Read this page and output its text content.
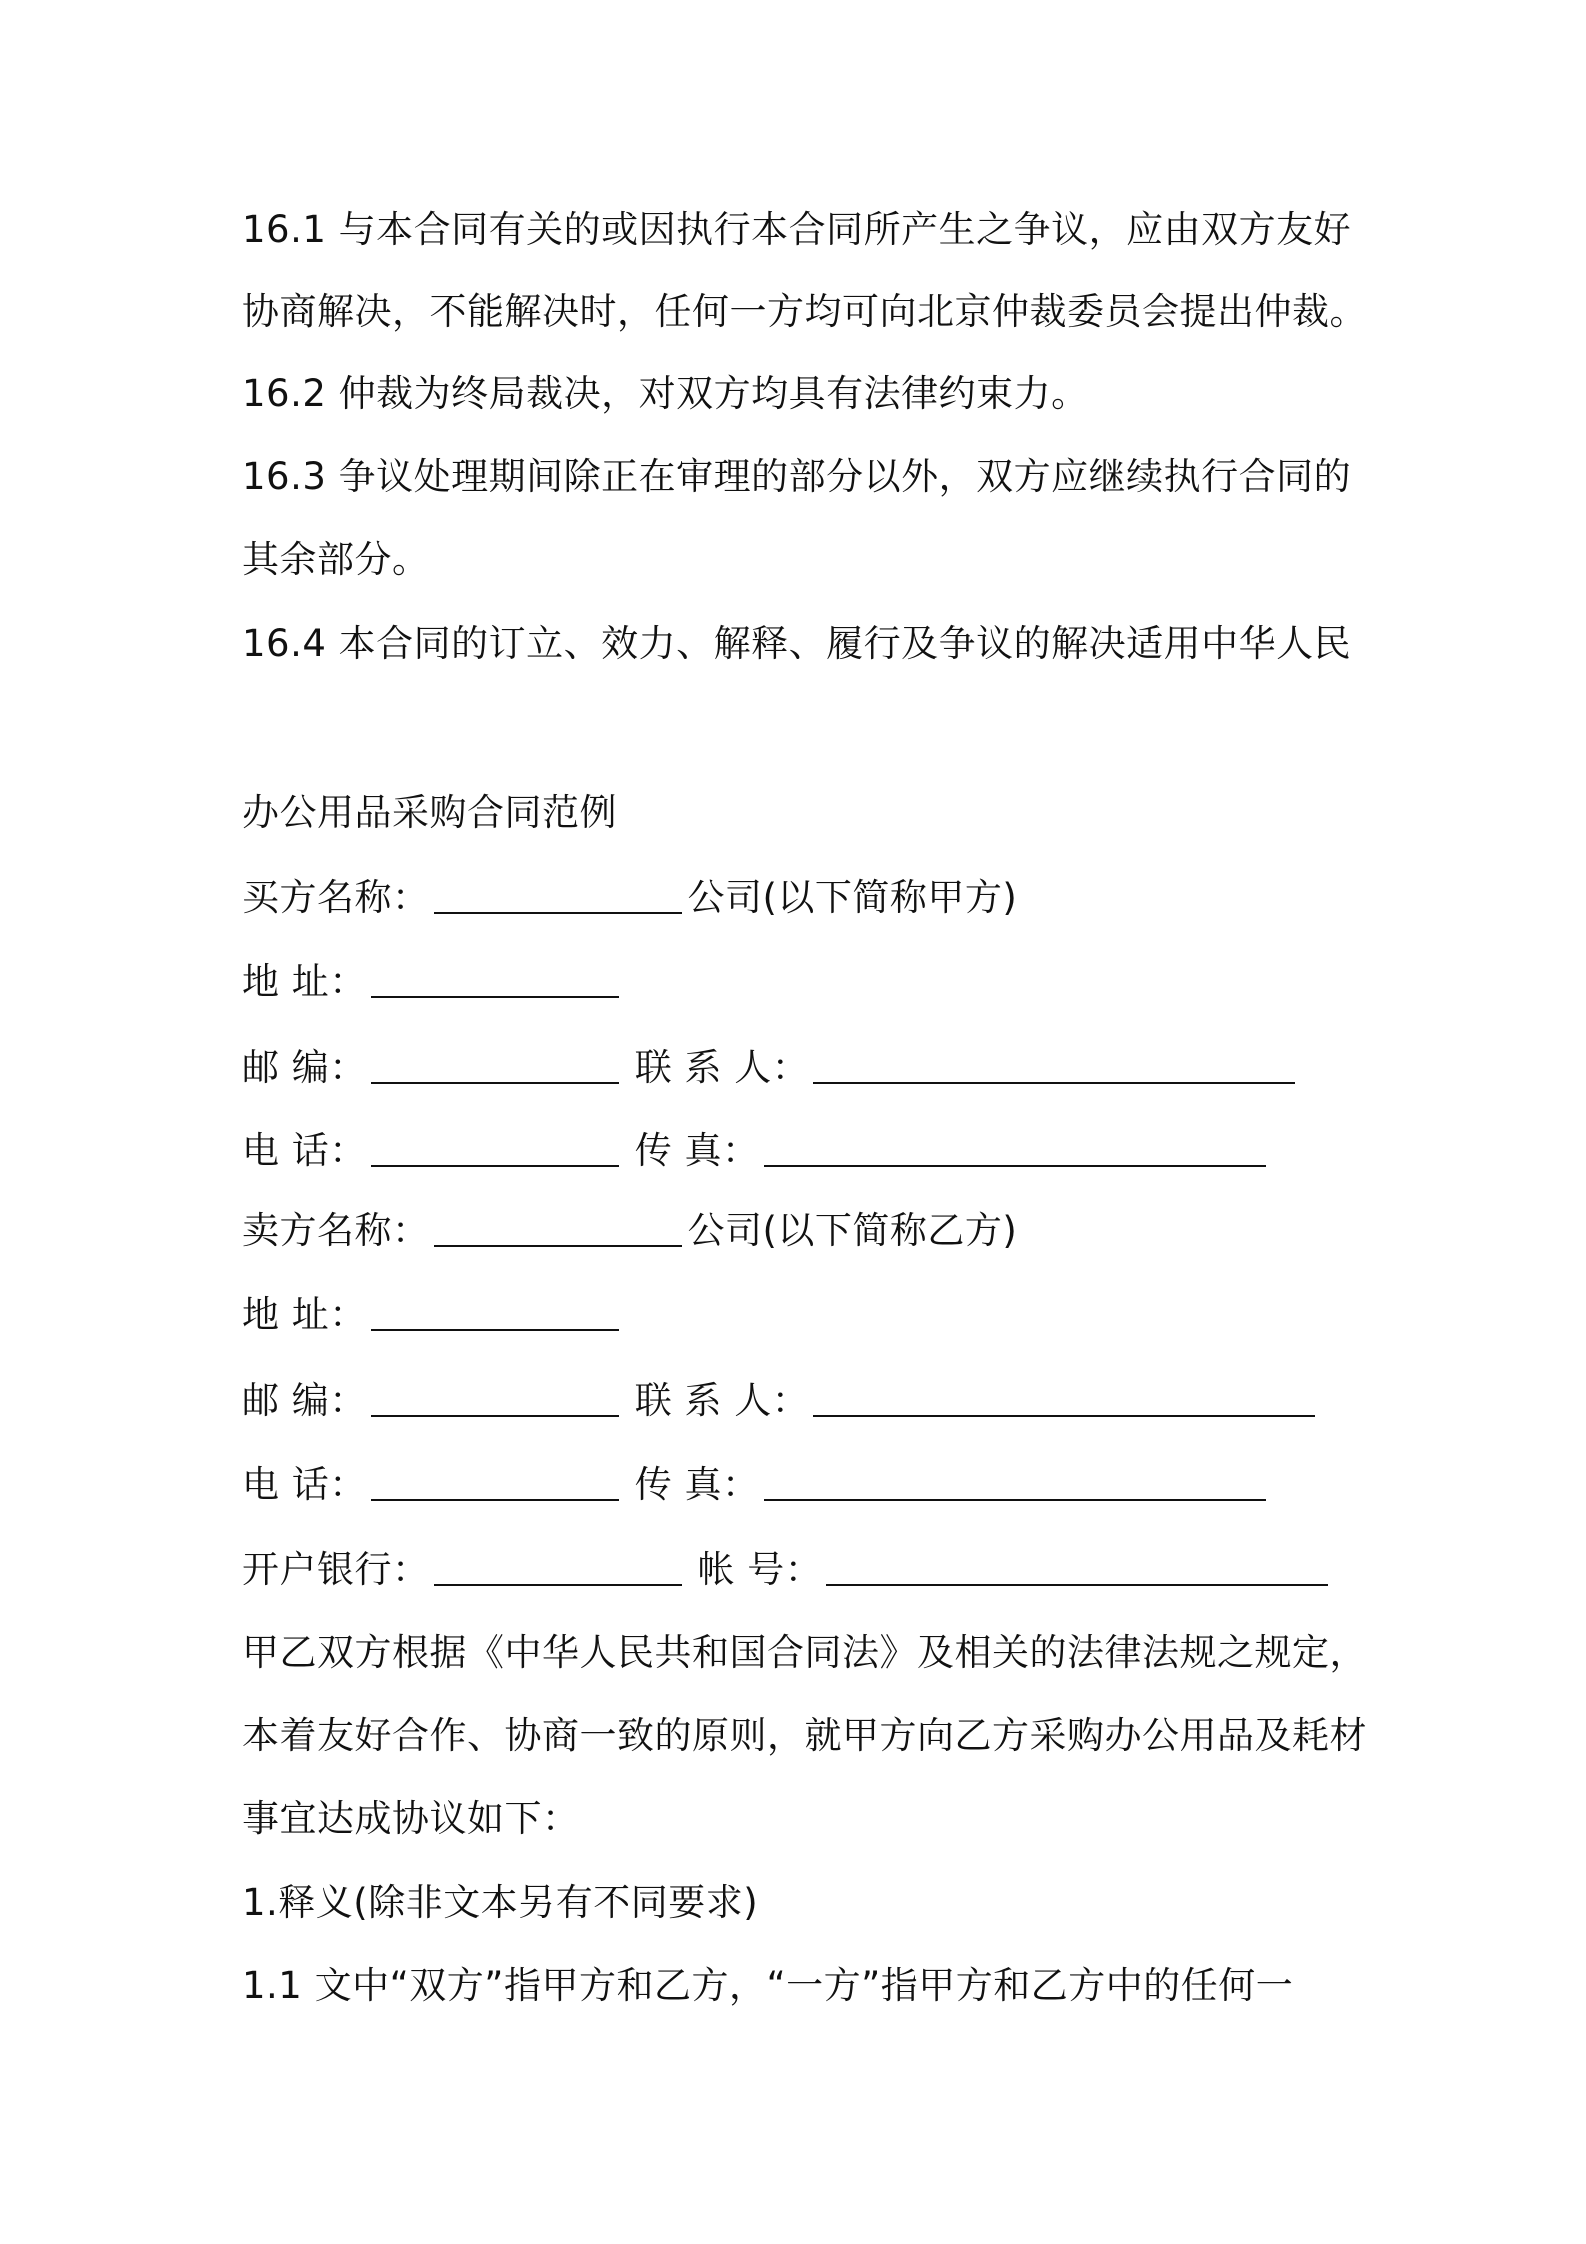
16.1 与本合同有关的或因执行本合同所产生之争议，应由双方友好
协商解决，不能解决时，任何一方均可向北京仲裁委员会提出仲裁。
16.2 仲裁为终局裁决，对双方均具有法律约束力。
16.3 争议处理期间除正在审理的部分以外，双方应继续执行合同的
其余部分。
16.4 本合同的订立、效力、解释、履行及争议的解决适用中华人民
办公用品采购合同范例
买方名称：	公司(以下简称甲方)
地 址：
邮 编：	联 系 人：
电 话：	传 真：
卖方名称：	公司(以下简称乙方)
地 址：
邮 编：	联 系 人：
电 话：	传 真：
开户银行：	帐 号：
甲乙双方根据《中华人民共和国合同法》及相关的法律法规之规定，
本着友好合作、协商一致的原则，就甲方向乙方采购办公用品及耗材
事宜达成协议如下：
1.释义(除非文本另有不同要求)
1.1 文中“双方”指甲方和乙方，“一方”指甲方和乙方中的任何一
